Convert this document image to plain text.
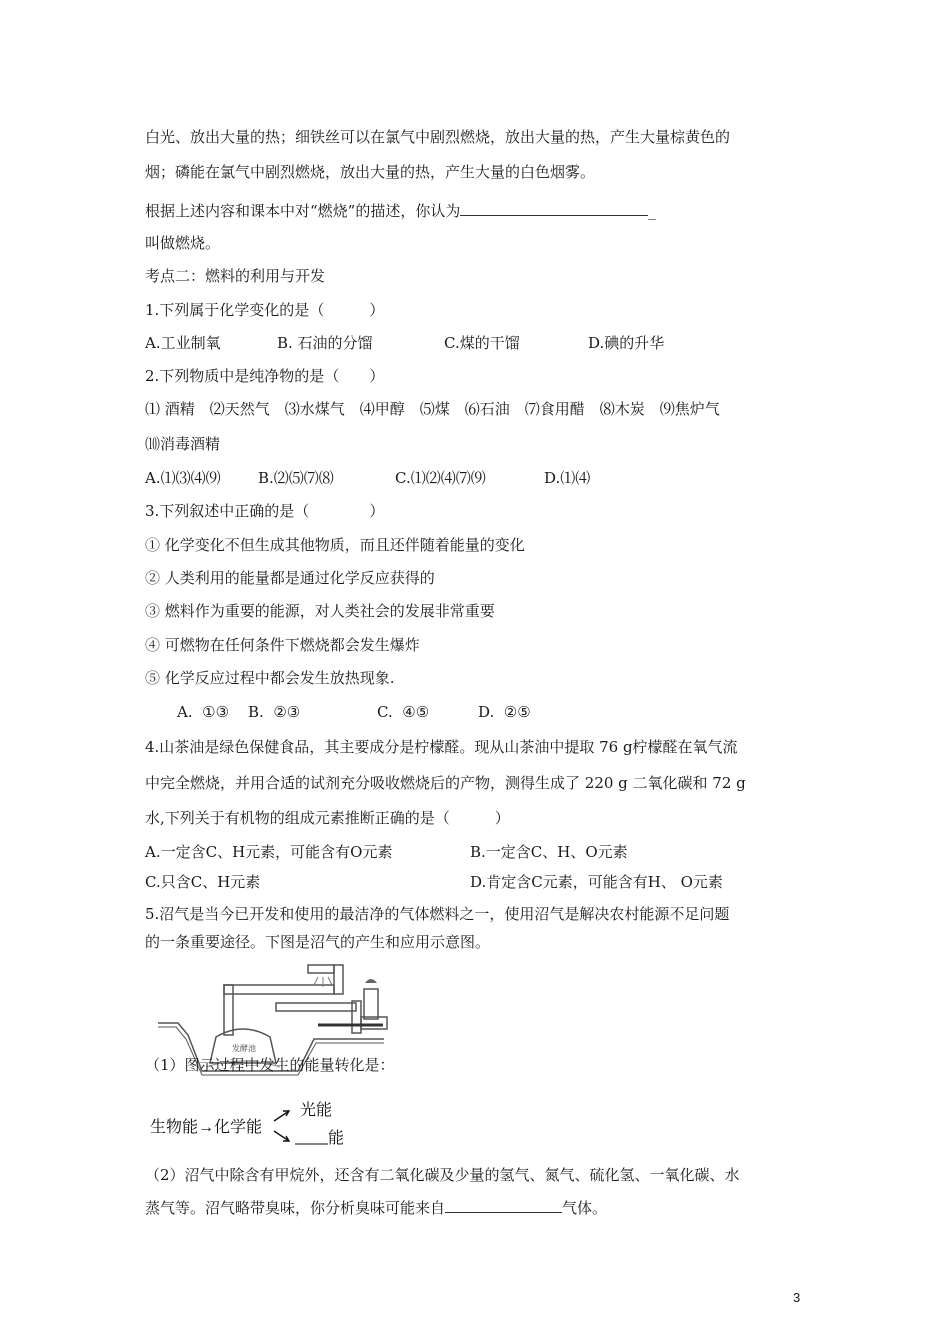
白光、放出大量的热；细铁丝可以在氯气中剧烈燃烧，放出大量的热，产生大量棕黄色的
烟；磷能在氯气中剧烈燃烧，放出大量的热，产生大量的白色烟雾。
根据上述内容和课本中对“燃烧”的描述，你认为	_
叫做燃烧。
考点二：燃料的利用与开发
1.下列属于化学变化的是（　　　）
A.工业制氧	B. 石油的分馏	C.煤的干馏	D.碘的升华
2.下列物质中是纯净物的是（　　）
⑴ 酒精　⑵天然气　⑶水煤气　⑷甲醇　⑸煤　⑹石油　⑺食用醋　⑻木炭　⑼焦炉气
⑽消毒酒精
A.⑴⑶⑷⑼ B.⑵⑸⑺⑻	C.⑴⑵⑷⑺⑼	D.⑴⑷
3.下列叙述中正确的是（　　　　）
① 化学变化不但生成其他物质，而且还伴随着能量的变化
② 人类利用的能量都是通过化学反应获得的
③ 燃料作为重要的能源，对人类社会的发展非常重要
④ 可燃物在任何条件下燃烧都会发生爆炸
⑤ 化学反应过程中都会发生放热现象.
A.  ①③ B.  ②③	C.  ④⑤	D.  ②⑤
4.山茶油是绿色保健食品，其主要成分是柠檬醛。现从山茶油中提取 76 g柠檬醛在氧气流
中完全燃烧，并用合适的试剂充分吸收燃烧后的产物，测得生成了 220 g 二氧化碳和 72 g
水,下列关于有机物的组成元素推断正确的是（　　　）
A.一定含C、H元素，可能含有O元素	B.一定含C、H、O元素
C.只含C、H元素	D.肯定含C元素，可能含有H、 O元素
5.沼气是当今已开发和使用的最洁净的气体燃料之一，使用沼气是解决农村能源不足问题
的一条重要途径。下图是沼气的产生和应用示意图。
发酵池
（1）图示过程中发生的能量转化是：
生物能→化学能
光能
能
（2）沼气中除含有甲烷外，还含有二氧化碳及少量的氢气、氮气、硫化氢、一氧化碳、水
蒸气等。沼气略带臭味，你分析臭味可能来自	气体。
3
